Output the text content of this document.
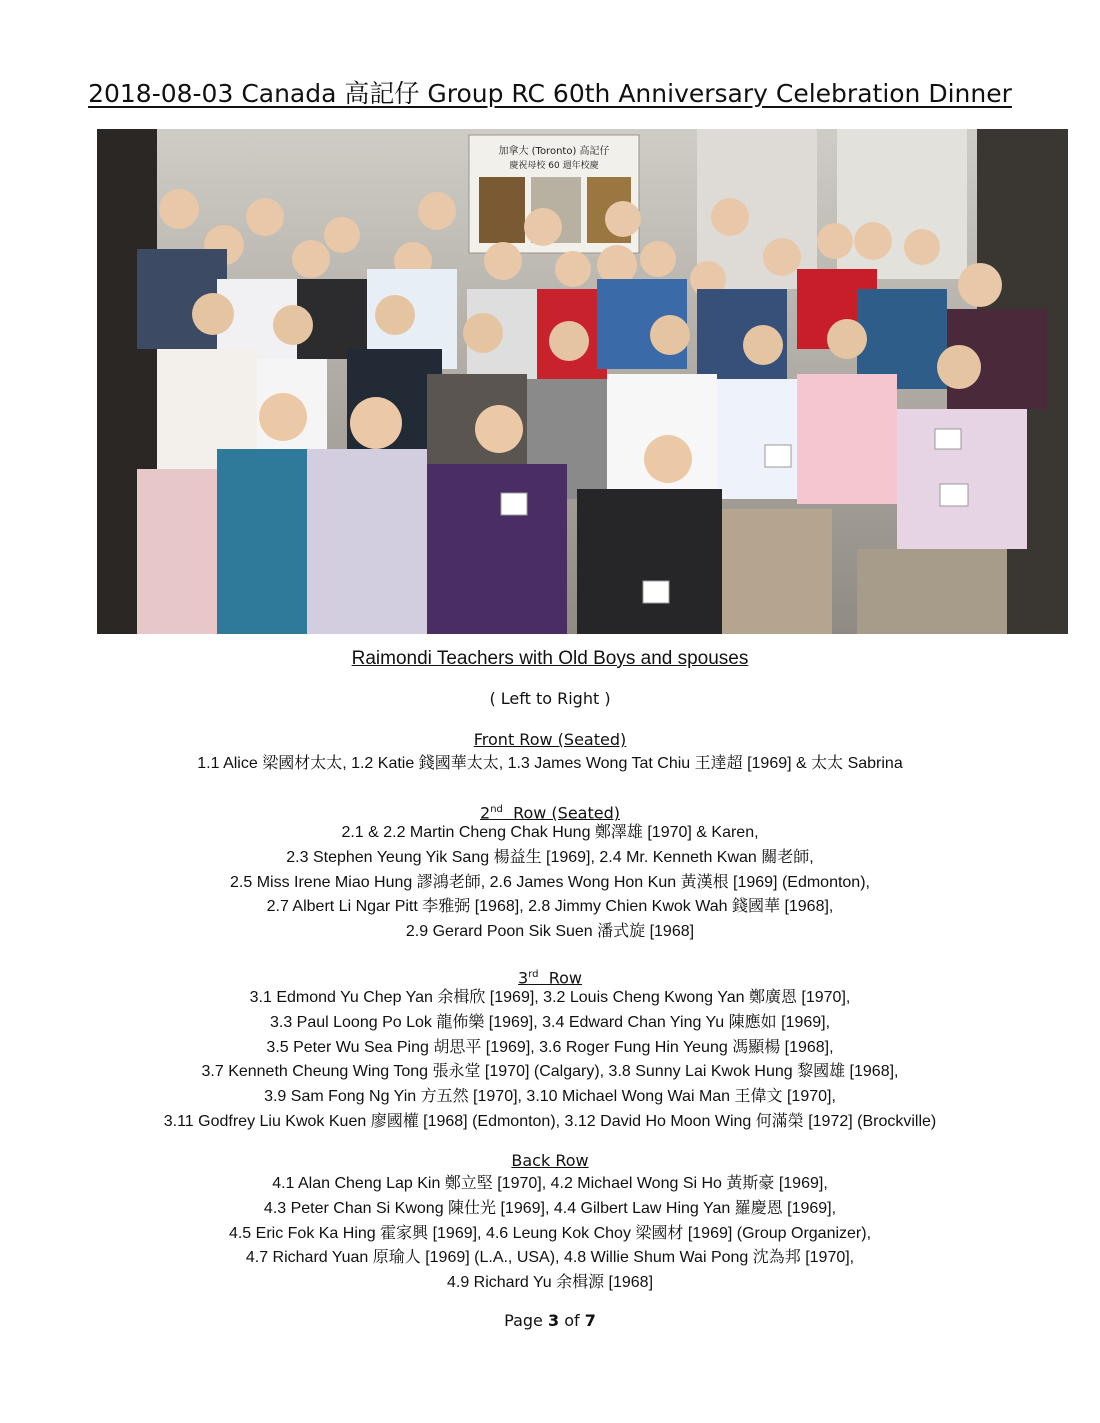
2018-08-03 Canada 高記仔 Group RC 60th Anniversary Celebration Dinner
加拿大 (Toronto) 高記仔
慶祝母校 60 週年校慶
Raimondi Teachers with Old Boys and spouses
( Left to Right )
Front Row (Seated)
1.1 Alice 梁國材太太, 1.2 Katie 錢國華太太, 1.3 James Wong Tat Chiu 王達超 [1969] & 太太 Sabrina
2nd  Row (Seated)
2.1 & 2.2 Martin Cheng Chak Hung 鄭澤雄 [1970] & Karen,
2.3 Stephen Yeung Yik Sang 楊益生 [1969], 2.4 Mr. Kenneth Kwan 關老師,
2.5 Miss Irene Miao Hung 謬鴻老師, 2.6 James Wong Hon Kun 黃漢根 [1969] (Edmonton),
2.7 Albert Li Ngar Pitt 李雅弼 [1968], 2.8 Jimmy Chien Kwok Wah 錢國華 [1968],
2.9 Gerard Poon Sik Suen 潘式旋 [1968]
3rd  Row
3.1 Edmond Yu Chep Yan 余楫欣 [1969], 3.2 Louis Cheng Kwong Yan 鄭廣恩 [1970],
3.3 Paul Loong Po Lok 龍佈樂 [1969], 3.4 Edward Chan Ying Yu 陳應如 [1969],
3.5 Peter Wu Sea Ping 胡思平 [1969], 3.6 Roger Fung Hin Yeung 馮顯楊 [1968],
3.7 Kenneth Cheung Wing Tong 張永堂 [1970] (Calgary), 3.8 Sunny Lai Kwok Hung 黎國雄 [1968],
3.9 Sam Fong Ng Yin 方五然 [1970], 3.10 Michael Wong Wai Man 王偉文 [1970],
3.11 Godfrey Liu Kwok Kuen 廖國權 [1968] (Edmonton), 3.12 David Ho Moon Wing 何滿榮 [1972] (Brockville)
Back Row
4.1 Alan Cheng Lap Kin 鄭立堅 [1970], 4.2 Michael Wong Si Ho 黃斯豪 [1969],
4.3 Peter Chan Si Kwong 陳仕光 [1969], 4.4 Gilbert Law Hing Yan 羅慶恩 [1969],
4.5 Eric Fok Ka Hing 霍家興 [1969], 4.6 Leung Kok Choy 梁國材 [1969] (Group Organizer),
4.7 Richard Yuan 原瑜人 [1969] (L.A., USA), 4.8 Willie Shum Wai Pong 沈為邦 [1970],
4.9 Richard Yu 余楫源 [1968]
Page 3 of 7
